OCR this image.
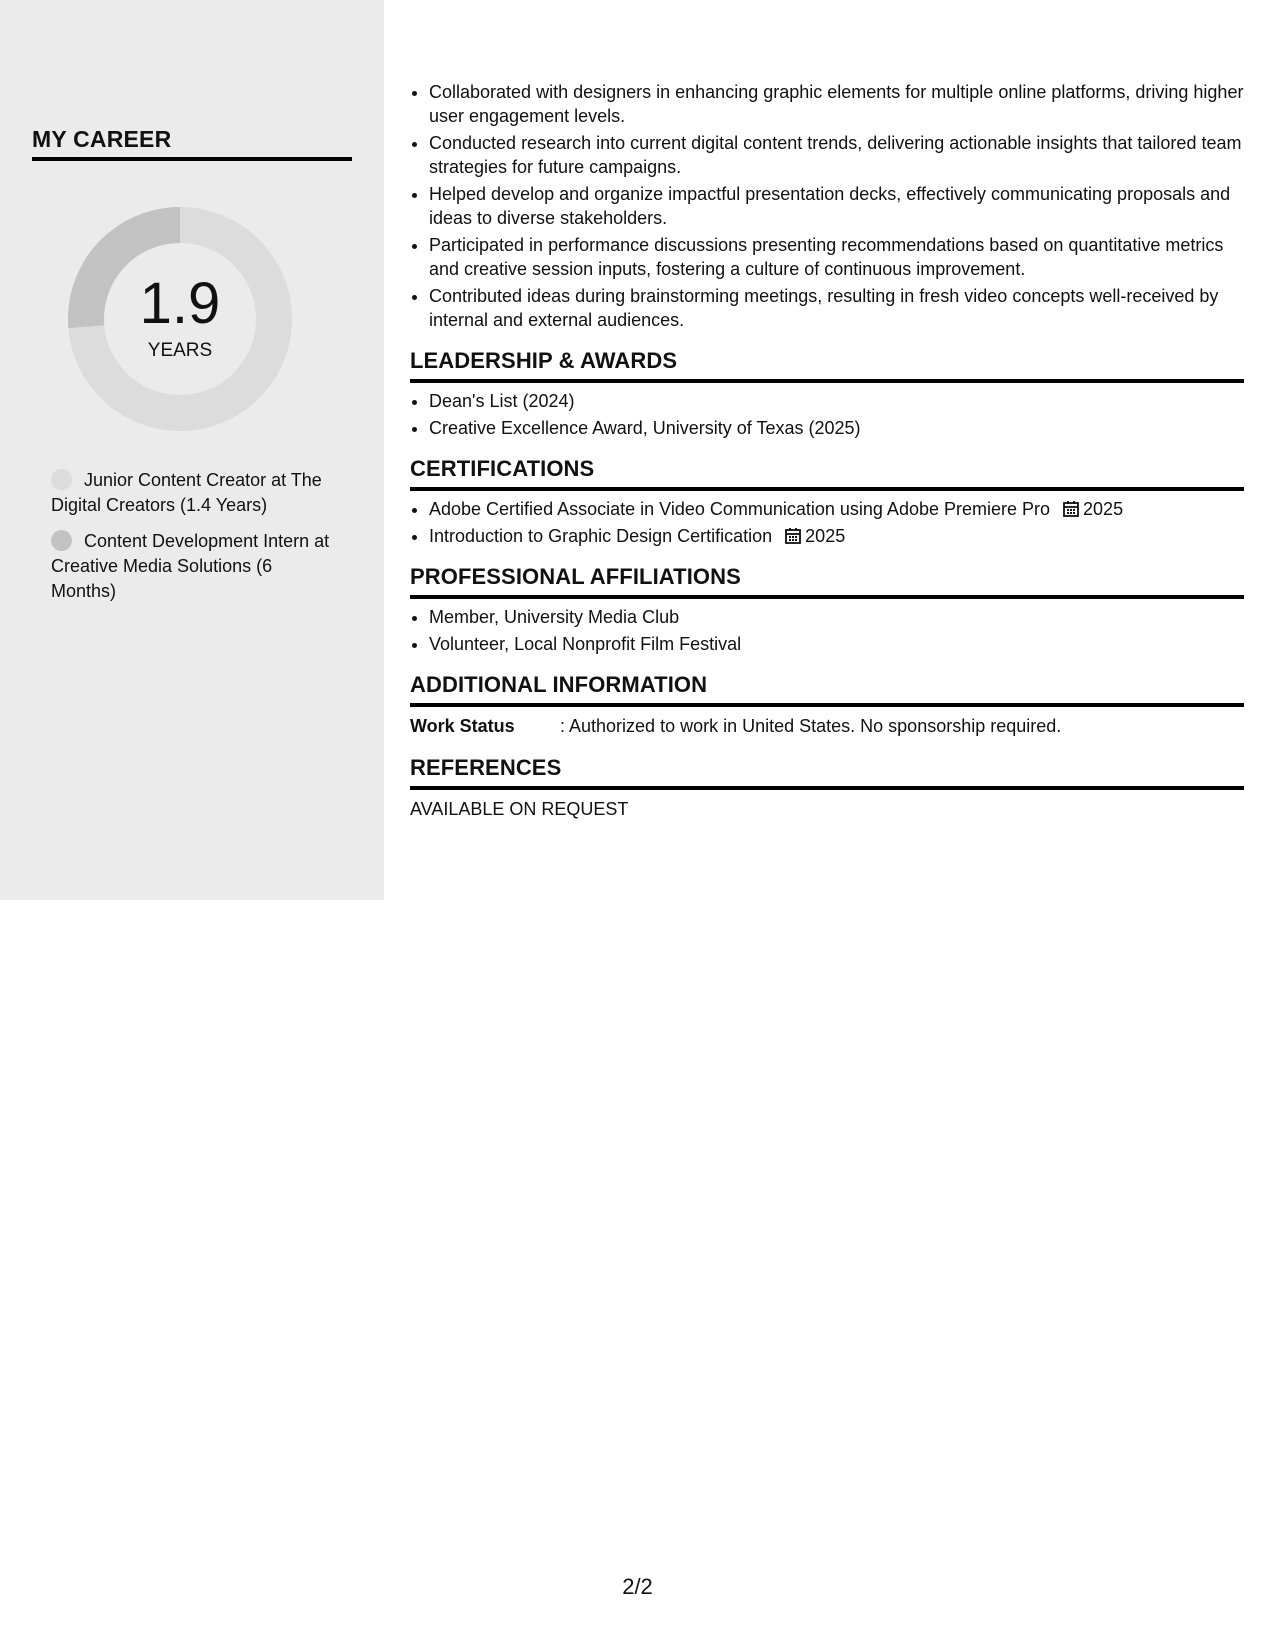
MY CAREER
1.9
YEARS
Junior Content Creator at The Digital Creators (1.4 Years)
Content Development Intern at Creative Media Solutions (6 Months)
• Collaborated with designers in enhancing graphic elements for multiple online platforms, driving higher user engagement levels.
• Conducted research into current digital content trends, delivering actionable insights that tailored team strategies for future campaigns.
• Helped develop and organize impactful presentation decks, effectively communicating proposals and ideas to diverse stakeholders.
• Participated in performance discussions presenting recommendations based on quantitative metrics and creative session inputs, fostering a culture of continuous improvement.
• Contributed ideas during brainstorming meetings, resulting in fresh video concepts well-received by internal and external audiences.
LEADERSHIP & AWARDS
• Dean's List (2024)
• Creative Excellence Award, University of Texas (2025)
CERTIFICATIONS
• Adobe Certified Associate in Video Communication using Adobe Premiere Pro 2025
• Introduction to Graphic Design Certification 2025
PROFESSIONAL AFFILIATIONS
• Member, University Media Club
• Volunteer, Local Nonprofit Film Festival
ADDITIONAL INFORMATION
Work Status	: Authorized to work in United States. No sponsorship required.
REFERENCES
AVAILABLE ON REQUEST
2/2
